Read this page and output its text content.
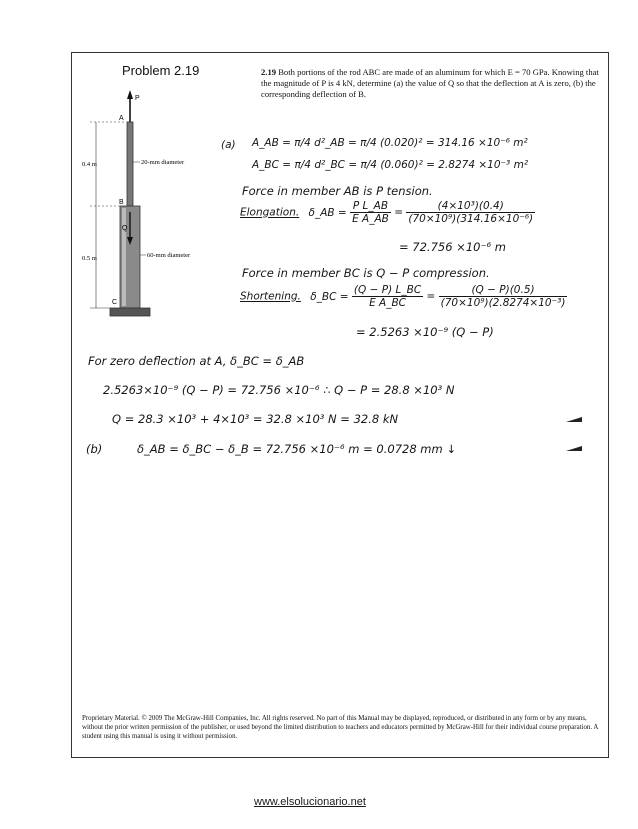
Problem 2.19	2.19 Both portions of the rod ABC are made of an aluminum for which E = 70 GPa. Knowing that the magnitude of P is 4 kN, determine (a) the value of Q so that the deflection at A is zero, (b) the corresponding deflection of B.
P
A
B
C
Q
0.4 m
0.5 m
20-mm diameter
60-mm diameter
(a) A_AB = π/4 d²_AB = π/4 (0.020)² = 314.16 ×10⁻⁶ m²
A_BC = π/4 d²_BC = π/4 (0.060)² = 2.8274 ×10⁻³ m²
Force in member AB is P tension.
Elongation. δ_AB = $\frac{\text{P L\_AB}}{\text{E A\_AB}} = \frac{\text{(4×10³)(0.4)}}{\text{(70×10⁹)(314.16×10⁻⁶)}}$
= 72.756 ×10⁻⁶ m
Force in member BC is Q − P compression.
Shortening. δ_BC = $\frac{(Q - P) L\_BC}{\text{E A\_BC}} = \frac{(Q - P)(0.5)}{\text{(70×10⁹)(2.8274×10⁻³)}}$
= 2.5263 ×10⁻⁹ (Q − P)
For zero deflection at A, δ_BC = δ_AB
2.5263×10⁻⁹ (Q − P) = 72.756 ×10⁻⁶ ∴ Q − P = 28.8 ×10³ N
Q = 28.3 ×10³ + 4×10³ = 32.8 ×10³ N = 32.8 kN
(b)	δ_AB = δ_BC − δ_B = 72.756 ×10⁻⁶ m = 0.0728 mm ↓
Proprietary Material. © 2009 The McGraw-Hill Companies, Inc. All rights reserved. No part of this Manual may be displayed, reproduced, or distributed in any form or by any means, without the prior written permission of the publisher, or used beyond the limited distribution to teachers and educators permitted by McGraw-Hill for their individual course preparation. A student using this manual is using it without permission.
www.elsolucionario.net
